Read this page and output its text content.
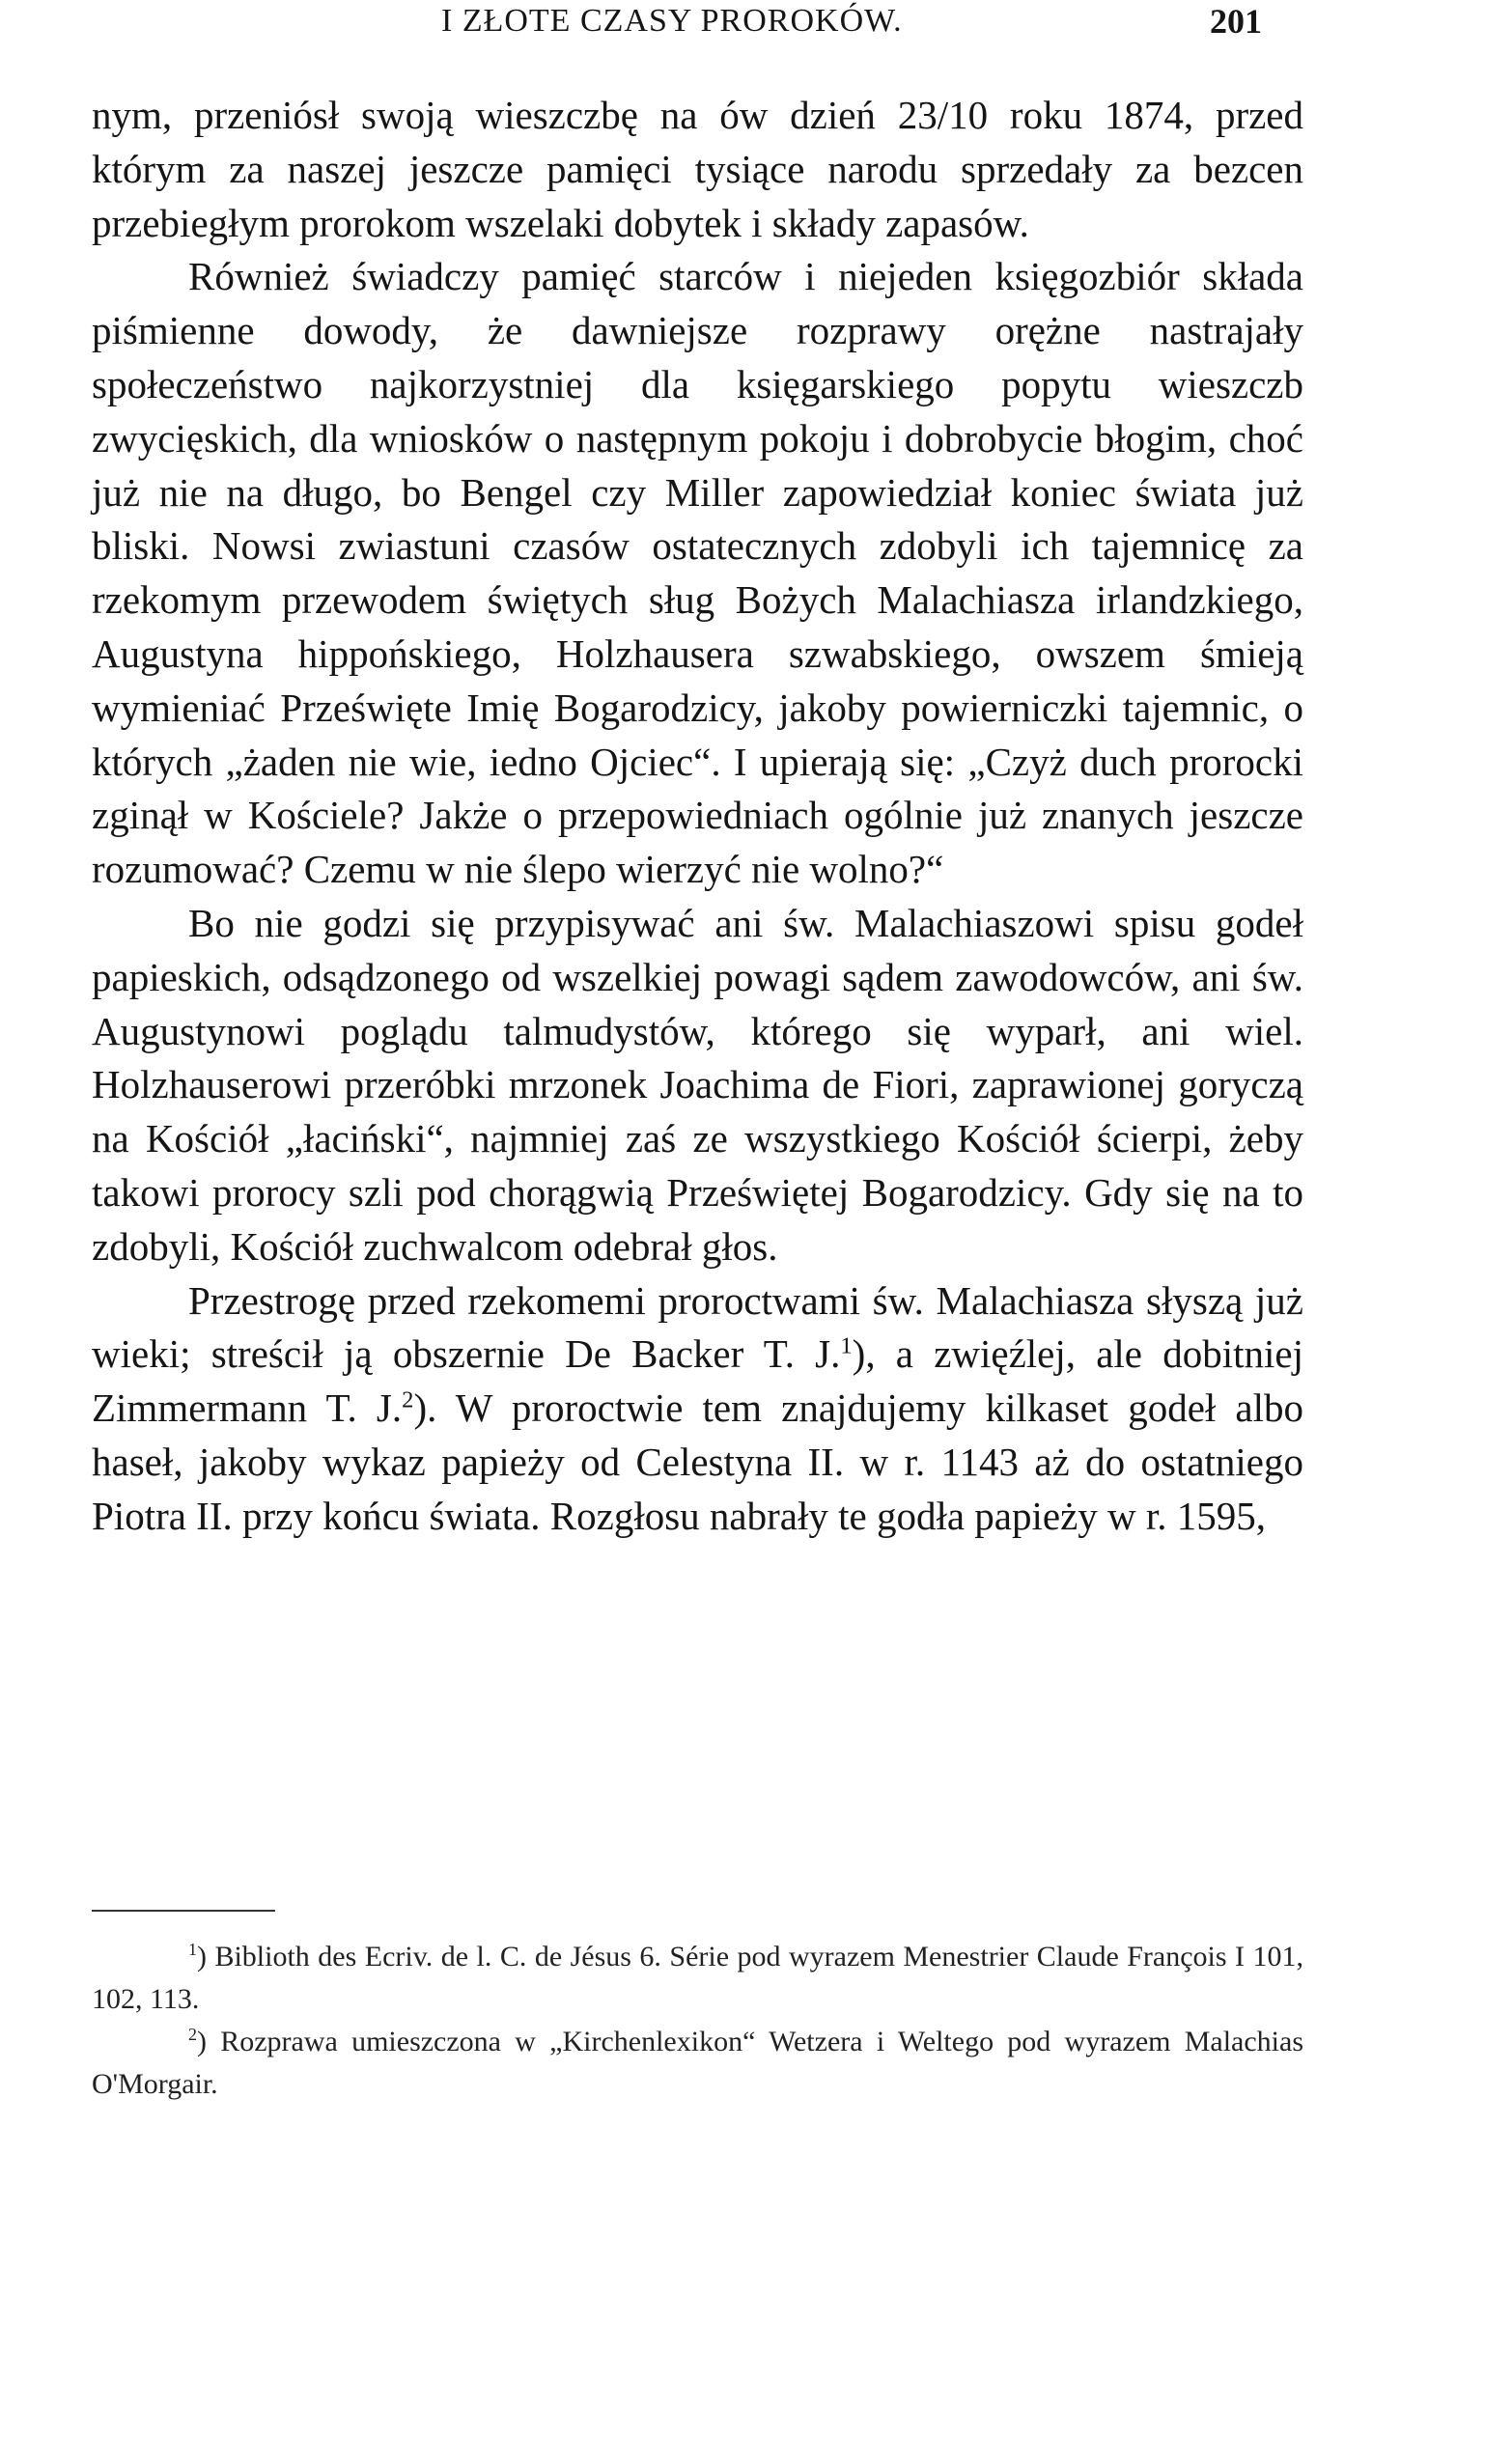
I ZŁOTE CZASY PROROKÓW.	201

nym, przeniósł swoją wieszczbę na ów dzień 23/10 roku 1874, przed którym za naszej jeszcze pamięci tysiące narodu sprzedały za bezcen przebiegłym prorokom wszelaki dobytek i składy zapasów.

Również świadczy pamięć starców i niejeden księgozbiór składa piśmienne dowody, że dawniejsze rozprawy orężne nastrajały społeczeństwo najkorzystniej dla księgarskiego popytu wieszczb zwycięskich, dla wniosków o następnym pokoju i dobrobycie błogim, choć już nie na długo, bo Bengel czy Miller zapowiedział koniec świata już bliski. Nowsi zwiastuni czasów ostatecznych zdobyli ich tajemnicę za rzekomym przewodem świętych sług Bożych Malachiasza irlandzkiego, Augustyna hippońskiego, Holzhausera szwabskiego, owszem śmieją wymieniać Prześwięte Imię Bogarodzicy, jakoby powierniczki tajemnic, o których „żaden nie wie, iedno Ojciec“. I upierają się: „Czyż duch prorocki zginął w Kościele? Jakże o przepowiedniach ogólnie już znanych jeszcze rozumować? Czemu w nie ślepo wierzyć nie wolno?“

Bo nie godzi się przypisywać ani św. Malachiaszowi spisu godeł papieskich, odsądzonego od wszelkiej powagi sądem zawodowców, ani św. Augustynowi poglądu talmudystów, którego się wyparł, ani wiel. Holzhauserowi przeróbki mrzonek Joachima de Fiori, zaprawionej goryczą na Kościół „łaciński“, najmniej zaś ze wszystkiego Kościół ścierpi, żeby takowi prorocy szli pod chorągwią Przeświętej Bogarodzicy. Gdy się na to zdobyli, Kościół zuchwalcom odebrał głos.

Przestrogę przed rzekomemi proroctwami św. Malachiasza słyszą już wieki; streścił ją obszernie De Backer T. J.$^1$), a zwięźlej, ale dobitniej Zimmermann T. J.$^2$). W proroctwie tem znajdujemy kilkaset godeł albo haseł, jakoby wykaz papieży od Celestyna II. w r. 1143 aż do ostatniego Piotra II. przy końcu świata. Rozgłosu nabrały te godła papieży w r. 1595,

$^1$) Biblioth des Ecriv. de l. C. de Jésus 6. Série pod wyrazem Menestrier Claude François I 101, 102, 113.

$^2$) Rozprawa umieszczona w „Kirchenlexikon“ Wetzera i Weltego pod wyrazem Malachias O'Morgair.
